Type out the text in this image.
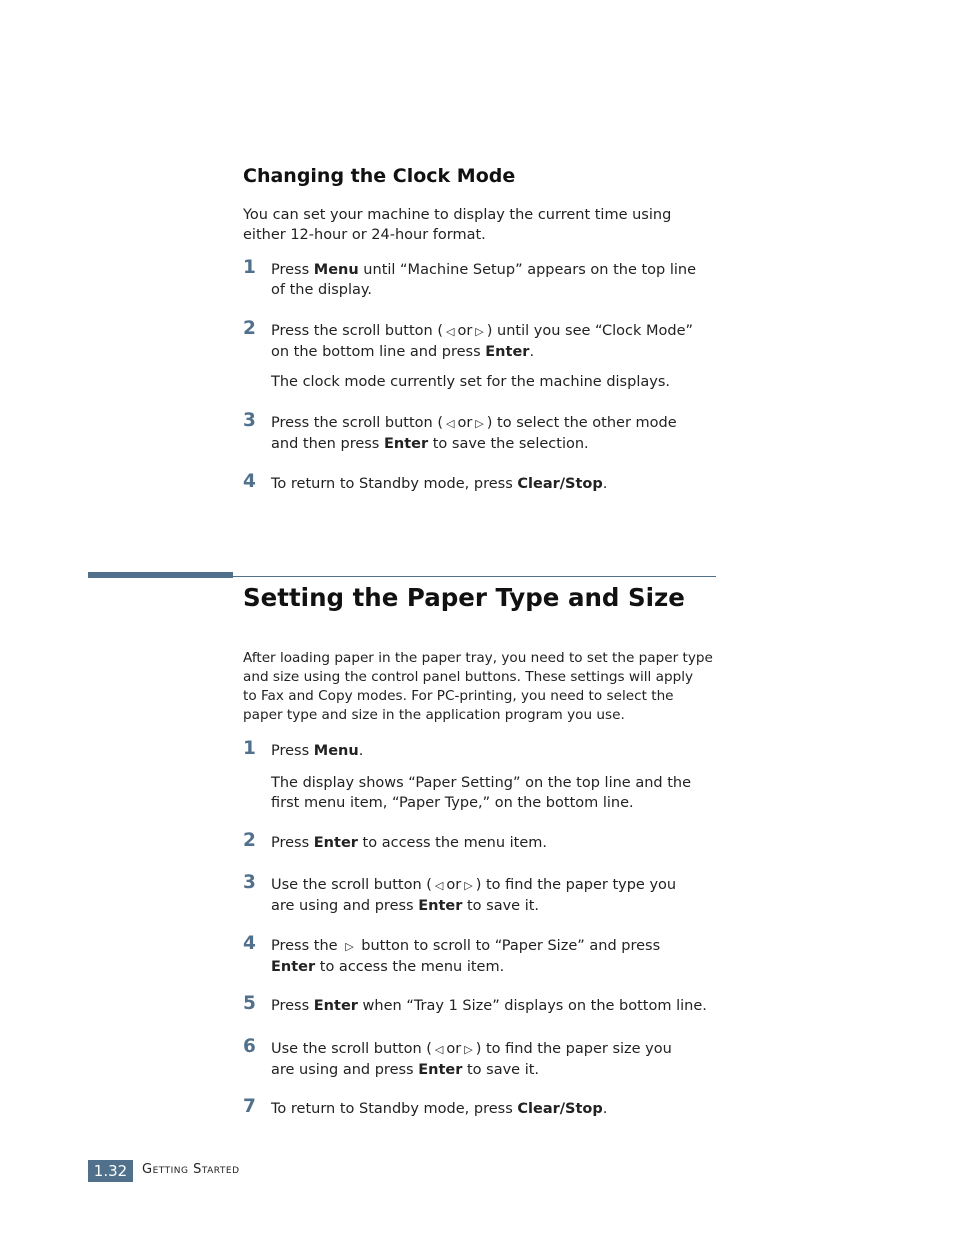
Changing the Clock Mode
You can set your machine to display the current time using
either 12-hour or 24-hour format.
1 Press Menu until “Machine Setup” appears on the top line
of the display.
2 Press the scroll button ( ◁ or ▷ ) until you see “Clock Mode”
on the bottom line and press Enter.
The clock mode currently set for the machine displays.
3 Press the scroll button ( ◁ or ▷ ) to select the other mode
and then press Enter to save the selection.
4 To return to Standby mode, press Clear/Stop.
Setting the Paper Type and Size
After loading paper in the paper tray, you need to set the paper type
and size using the control panel buttons. These settings will apply
to Fax and Copy modes. For PC-printing, you need to select the
paper type and size in the application program you use.
1 Press Menu.
The display shows “Paper Setting” on the top line and the
first menu item, “Paper Type,” on the bottom line.
2 Press Enter to access the menu item.
3 Use the scroll button ( ◁ or ▷ ) to find the paper type you
are using and press Enter to save it.
4 Press the ▷ button to scroll to “Paper Size” and press
Enter to access the menu item.
5 Press Enter when “Tray 1 Size” displays on the bottom line.
6 Use the scroll button ( ◁ or ▷ ) to find the paper size you
are using and press Enter to save it.
7 To return to Standby mode, press Clear/Stop.
1.32	Getting Started
